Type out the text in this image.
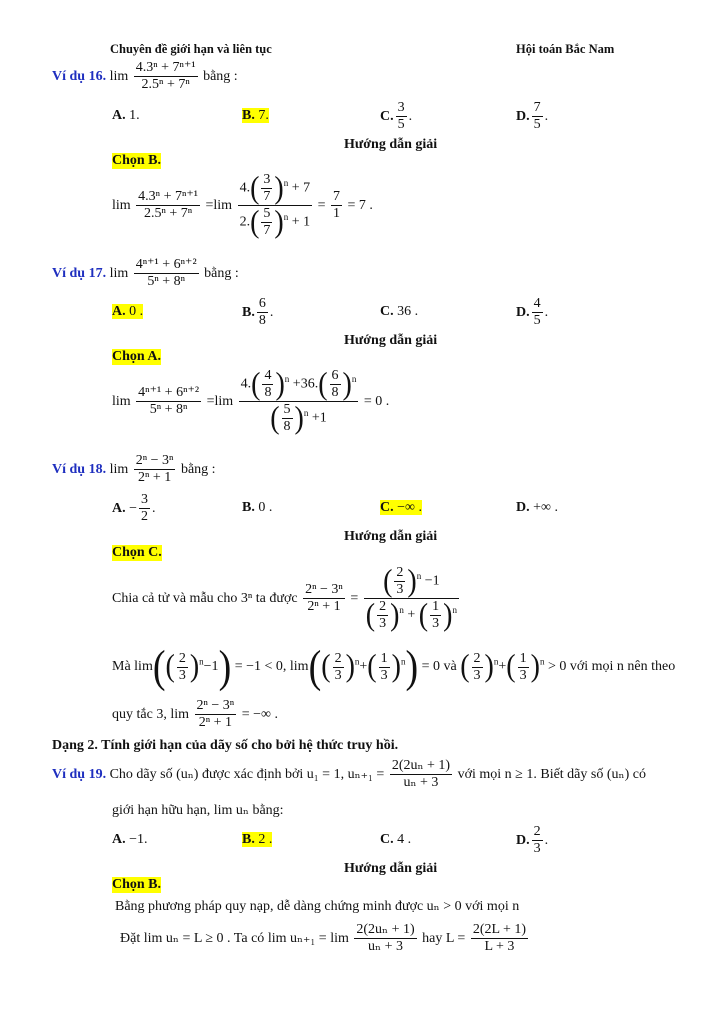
Chuyên đề giới hạn và liên tục	Hội toán Bắc Nam
Ví dụ 16. $\lim \frac{\text{4.3ⁿ + 7ⁿ⁺¹}}{\text{2.5ⁿ + 7ⁿ}}$ bằng :
A. 1.	B. 7.	C. $\frac{3}{5}$ .	D. $\frac{7}{5}$ .
Hướng dẫn giải
Chọn B.
$\lim \frac{\text{4.3ⁿ + 7ⁿ⁺¹}}{\text{2.5ⁿ + 7ⁿ}} =\lim \frac{4.( \frac{3}{7} )^n + 7}{2.( \frac{5}{7} )^n + 1} = \frac{7}{1} = 7$ .
Ví dụ 17. $\lim \frac{\text{4ⁿ⁺¹ + 6ⁿ⁺²}}{\text{5ⁿ + 8ⁿ}}$ bằng :
A. 0 .	B. $\frac{6}{8}$ .	C. 36 .	D. $\frac{4}{5}$ .
Hướng dẫn giải
Chọn A.
$\lim \frac{\text{4ⁿ⁺¹ + 6ⁿ⁺²}}{\text{5ⁿ + 8ⁿ}} =\lim \frac{4.( \frac{4}{8} )^n +36.( \frac{6}{8} )^n}{( \frac{5}{8} )^n +1} = 0$ .
Ví dụ 18. $\lim \frac{\text{2ⁿ − 3ⁿ}}{\text{2ⁿ + 1}}$ bằng :
A. − $\frac{3}{2}$ .	B. 0 .	C. −∞ .	D. +∞ .
Hướng dẫn giải
Chọn C.
Chia cả tử và mẫu cho 3ⁿ ta được $\frac{\text{2ⁿ − 3ⁿ}}{\text{2ⁿ + 1}} = \frac{( \frac{2}{3} )^n -1}{( \frac{2}{3} )^n + ( \frac{1}{3} )^n}$
Mà $\lim(( \frac{2}{3} )^n-1) = -1 < 0$, $\lim(( \frac{2}{3} )^n+( \frac{1}{3} )^n) = 0$ và ( $\frac{2}{3} )^n+( \frac{1}{3} )^n > 0$ với mọi n nên theo
quy tắc 3, $\lim \frac{\text{2ⁿ − 3ⁿ}}{\text{2ⁿ + 1}}$ = −∞ .
Dạng 2. Tính giới hạn của dãy số cho bởi hệ thức truy hồi.
Ví dụ 19. Cho dãy số (uₙ) được xác định bởi u₁ = 1, $u_{n+1} = \frac{\text{2(2uₙ + 1)}}{\text{uₙ + 3}}$ với mọi n ≥ 1. Biết dãy số (uₙ) có
giới hạn hữu hạn, lim uₙ bằng:
A. −1.	B. 2 .	C. 4 .	D. $\frac{2}{3}$ .
Hướng dẫn giải
Chọn B.
Bằng phương pháp quy nạp, dễ dàng chứng minh được uₙ > 0 với mọi n
Đặt lim uₙ = L ≥ 0 . Ta có $\lim u_{n+1} = \lim \frac{\text{2(2uₙ + 1)}}{\text{uₙ + 3}}$ hay $L = \frac{2(2L + 1)}{L + 3}$
